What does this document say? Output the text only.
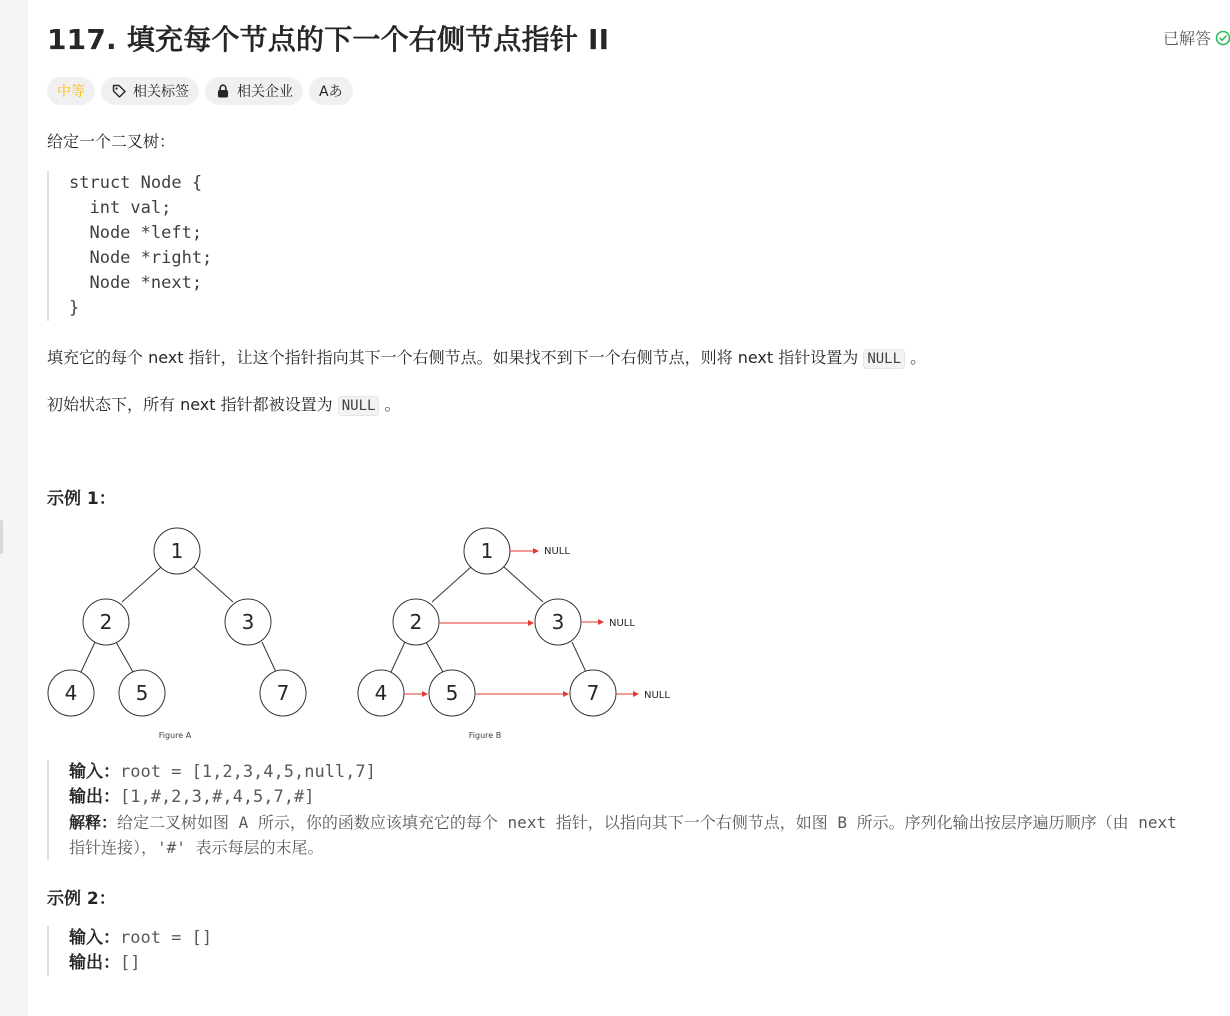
117. 填充每个节点的下一个右侧节点指针 II	已解答
中等	相关标签	相关企业 Aあ
给定一个二叉树：
struct Node {
int val;
Node *left;
Node *right;
Node *next;
}
填充它的每个 next 指针，让这个指针指向其下一个右侧节点。如果找不到下一个右侧节点，则将 next 指针设置为 NULL 。
初始状态下，所有 next 指针都被设置为 NULL 。
示例 1：
1
2	3
4	5	7
Figure A
1
2	3
4	5	7
NULL
NULL
NULL
Figure B
输入：root = [1,2,3,4,5,null,7]
输出：[1,#,2,3,#,4,5,7,#]
解释：给定二叉树如图 A 所示，你的函数应该填充它的每个 next 指针，以指向其下一个右侧节点，如图 B 所示。序列化输出按层序遍历顺序（由 next 指针连接），'#' 表示每层的末尾。
示例 2：
输入：root = []
输出：[]
